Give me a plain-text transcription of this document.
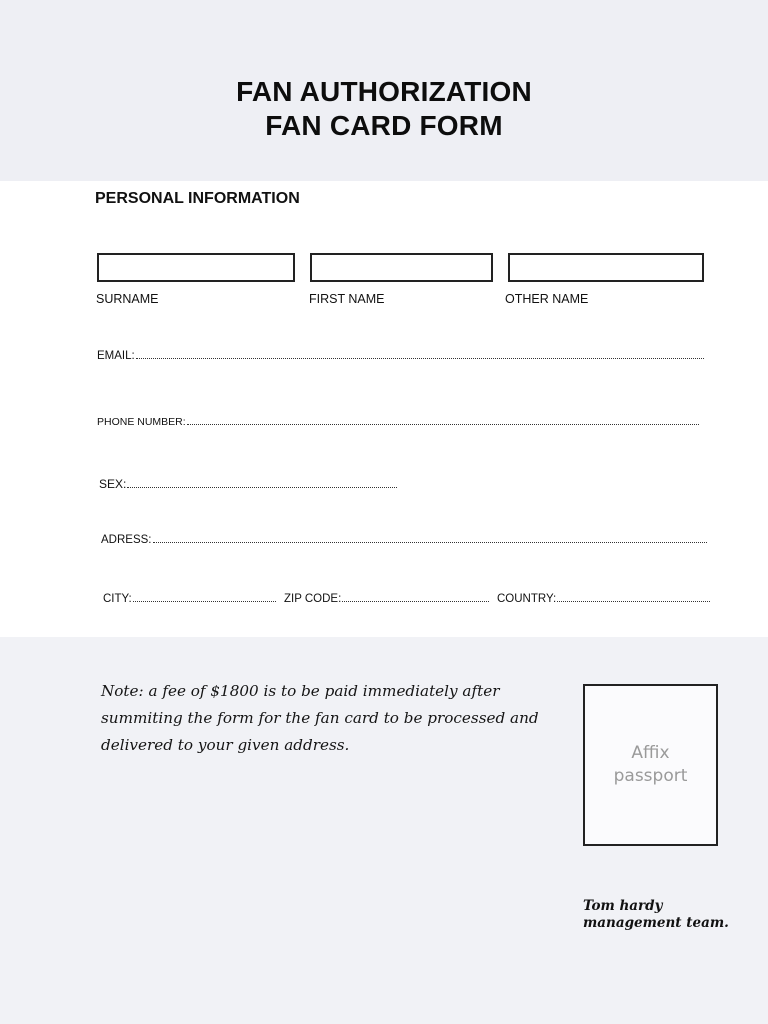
FAN AUTHORIZATION
FAN CARD FORM
PERSONAL INFORMATION
SURNAME	FIRST NAME	OTHER NAME
EMAIL:
PHONE NUMBER:
SEX:
ADRESS:
CITY:	ZIP CODE:	COUNTRY:
Note: a fee of $1800 is to be paid immediately after summiting the form for the fan card to be processed and delivered to your given address.	Affix passport
Tom hardy
management team.
